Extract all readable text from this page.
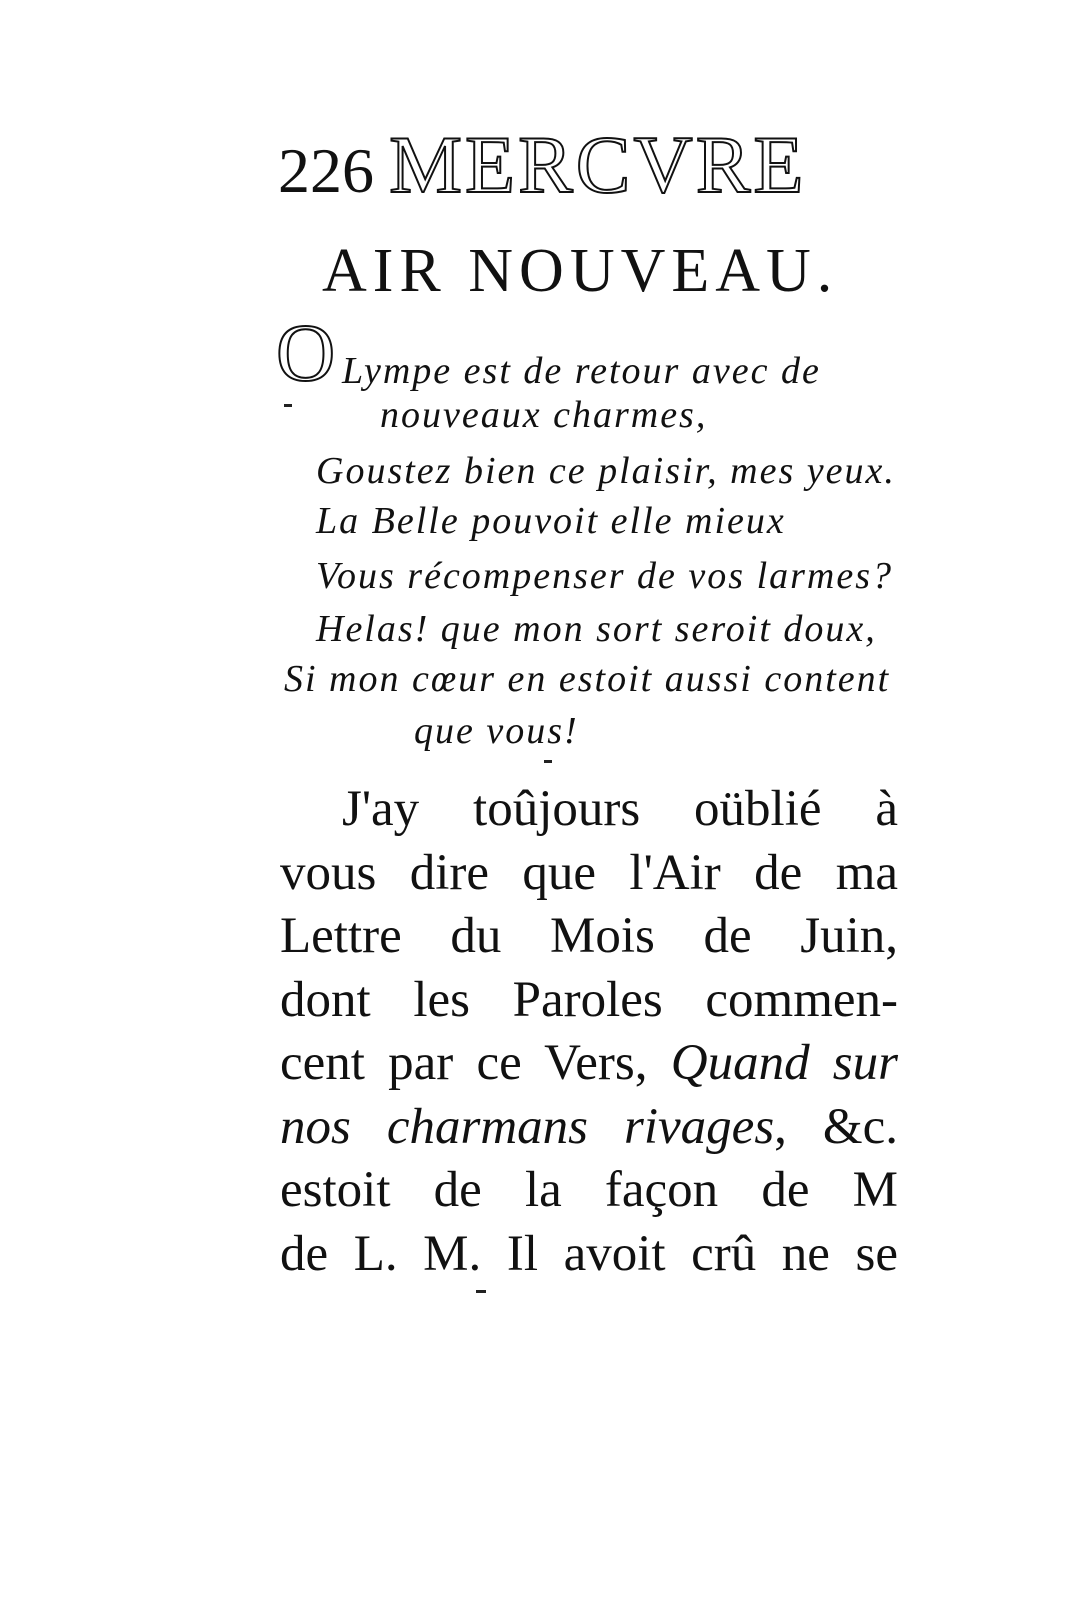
226 MERCVRE
AIR NOUVEAU.
O Lympe est de retour avec de
nouveaux charmes,
Goustez bien ce plaisir, mes yeux.
La Belle pouvoit elle mieux
Vous récompenser de vos larmes?
Helas! que mon sort seroit doux,
Si mon cœur en estoit aussi content
que vous!
J'ay toûjours oüblié à
vous dire que l'Air de ma
Lettre du Mois de Juin,
dont les Paroles commen-
cent par ce Vers, Quand sur
nos charmans rivages, &c.
estoit de la façon de M
de L. M. Il avoit crû ne se
